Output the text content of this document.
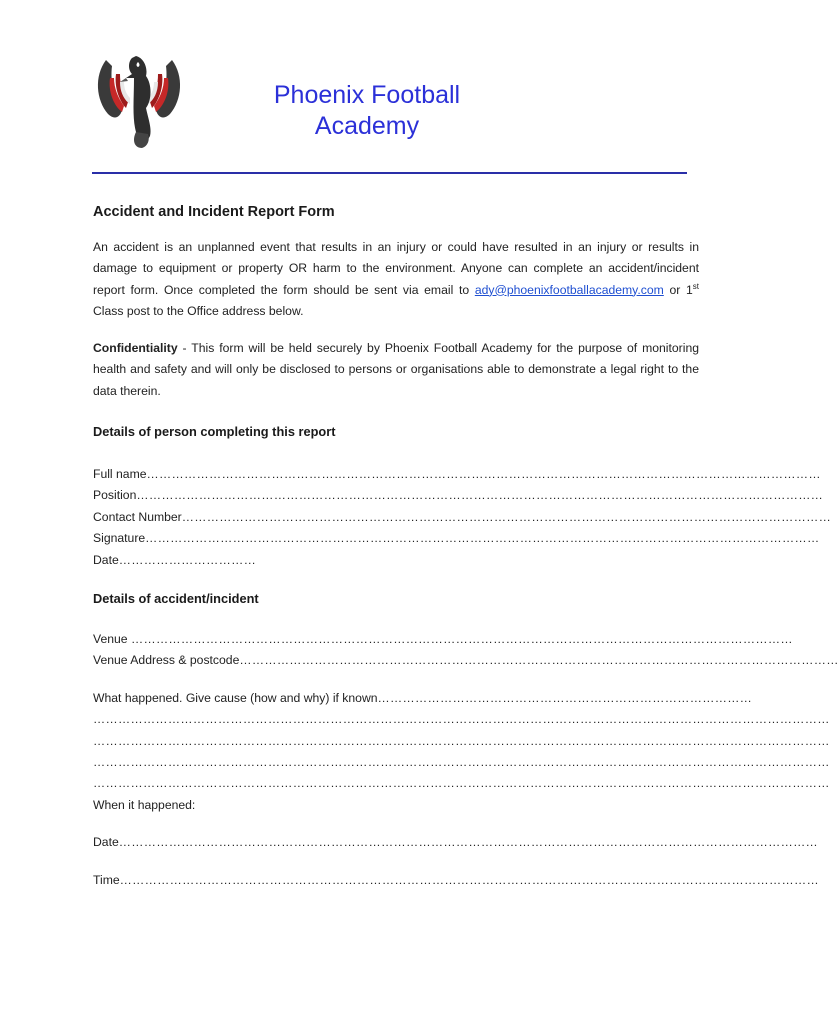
Phoenix Football
Academy
Accident and Incident Report Form

An accident is an unplanned event that results in an injury or could have resulted in an injury or results in damage to equipment or property OR harm to the environment. Anyone can complete an accident/incident report form. Once completed the form should be sent via email to ady@phoenixfootballacademy.com or 1st Class post to the Office address below.

Confidentiality - This form will be held securely by Phoenix Football Academy for the purpose of monitoring health and safety and will only be disclosed to persons or organisations able to demonstrate a legal right to the data therein.

Details of person completing this report
Full name………………………………………………………………………………………………………………………………………………
Position…………………………………………………………………………………………………………………………………………………
Contact Number…………………………………………………………………………………………………………………………………………
Signature………………………………………………………………………………………………………………………………………………
Date……………………………
Details of accident/incident
Venue ……………………………………………………………………………………………………………………………………………
Venue Address & postcode………………………………………………………………………………………………………………………………
What happened. Give cause (how and why) if known………………………………………………………………………………
……………………………………………………………………………………………………………………………………………………………
……………………………………………………………………………………………………………………………………………………………
……………………………………………………………………………………………………………………………………………………………
……………………………………………………………………………………………………………………………………………………………
When it happened:
Date……………………………………………………………………………………………………………………………………………………
Time……………………………………………………………………………………………………………………………………………………
